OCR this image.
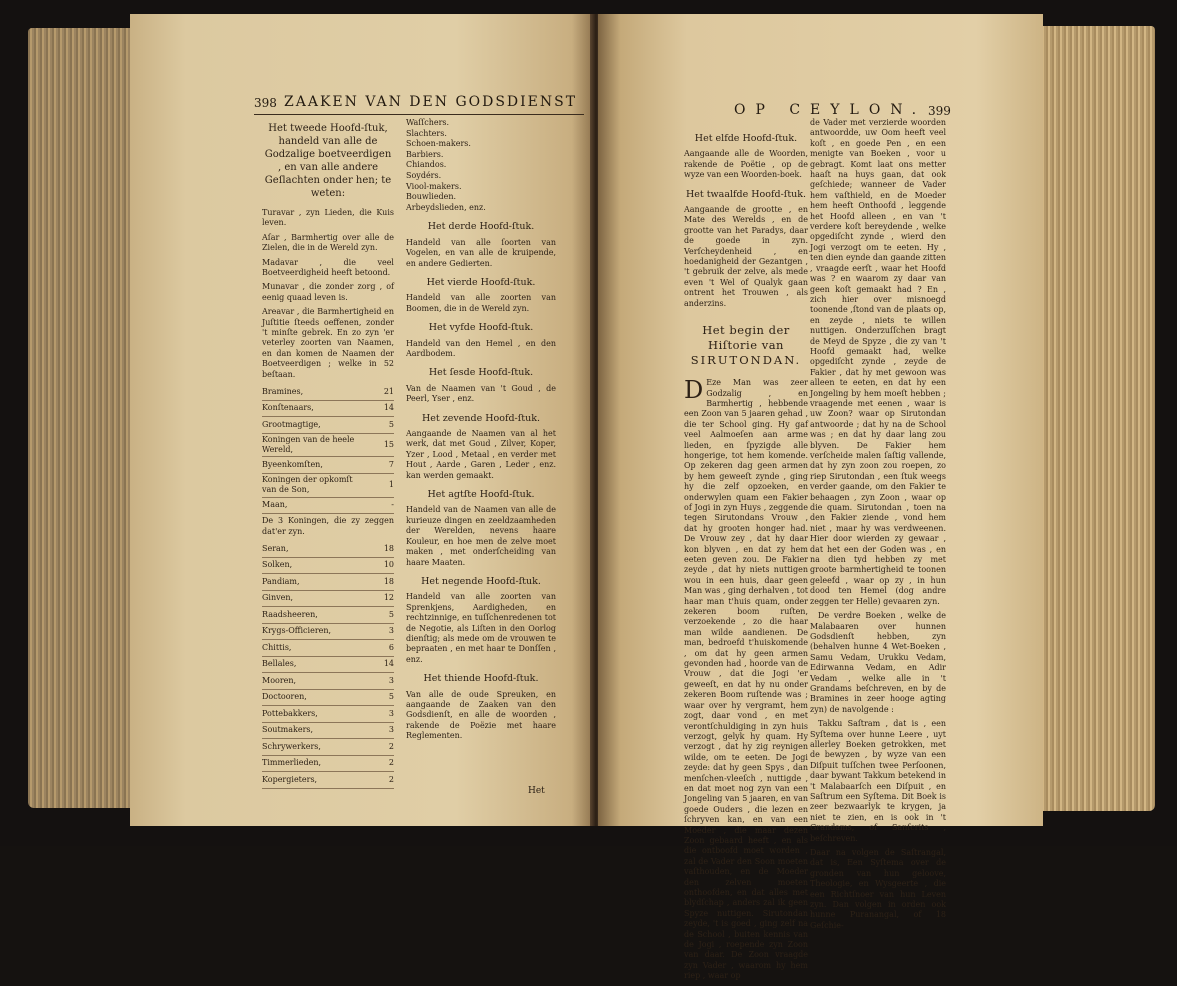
398 ZAAKEN VAN DEN GODSDIENST
Het tweede Hoofd-ſtuk, handeld van alle de Godzalige boetveerdigen , en van alle andere Geſlachten onder hen; te weten:
Turavar , zyn Lieden, die Kuis leven.
Aſar , Barmhertig over alle de Zielen, die in de Wereld zyn.
Madavar , die veel Boetveerdigheid heeft betoond.
Munavar , die zonder zorg , of eenig quaad leven is.
Areavar , die Barmhertigheid en Juſtitie ſteeds oeffenen, zonder 't minſte gebrek. En zo zyn 'er veterley zoorten van Naamen, en dan komen de Naamen der Boetveerdigen ; welke in 52 beſtaan.
Bramines,	21
Konſtenaars,	14
Grootmagtige,	5
Koningen van de heele Wereld,	15
Byeenkomſten,	7
Koningen der opkomſt van de Son,	1
Maan,	-
De 3 Koningen, die zy zeggen dat'er zyn.
Seran,	18
Solken,	10
Pandiam,	18
Ginven,	12
Raadsheeren,	5
Krygs-Officieren,	3
Chittis,	6
Bellales,	14
Mooren,	3
Doctooren,	5
Pottebakkers,	3
Soutmakers,	3
Schrywerkers,	2
Timmerlieden,	2
Kopergieters,	2
Waſſchers.
Slachters.
Schoen-makers.
Barbiers.
Chiandos.
Soydérs.
Viool-makers.
Bouwlieden.
Arbeydslieden, enz.
Het derde Hoofd-ſtuk.
Handeld van alle ſoorten van Vogelen, en van alle de kruipende, en andere Gedierten.
Het vierde Hoofd-ſtuk.
Handeld van alle zoorten van Boomen, die in de Wereld zyn.
Het vyfde Hoofd-ſtuk.
Handeld van den Hemel , en den Aardbodem.
Het ſesde Hoofd-ſtuk.
Van de Naamen van 't Goud , de Peerl, Yser , enz.
Het zevende Hoofd-ſtuk.
Aangaande de Naamen van al het werk, dat met Goud , Zilver, Koper, Yzer , Lood , Metaal , en verder met Hout , Aarde , Garen , Leder , enz. kan werden gemaakt.
Het agtſte Hoofd-ſtuk.
Handeld van de Naamen van alle de kurieuze dingen en zeeldzaamheden der Werelden, nevens haare Kouleur, en hoe men de zelve moet maken , met onderſcheiding van haare Maaten.
Het negende Hoofd-ſtuk.
Handeld van alle zoorten van Sprenkjens, Aardigheden, en rechtzinnige, en tuſſchenredenen tot de Negotie, als Liſten in den Oorlog dienſtig; als mede om de vrouwen te bepraaten , en met haar te Donſſen , enz.
Het thiende Hoofd-ſtuk.
Van alle de oude Spreuken, en aangaande de Zaaken van den Godsdienſt, en alle de woorden , rakende de Poëzie met haare Reglementen.
Het
OP CEYLON. 399
Het elfde Hoofd-ſtuk.
Aangaande alle de Woorden, rakende de Poëtie , op de wyze van een Woorden-boek.
Het twaalfde Hoofd-ſtuk.
Aangaande de grootte , en Mate des Werelds , en de grootte van het Paradys, daar de goede in zyn. Verſcheydenheid , en hoedanigheid der Gezantgen , 't gebruik der zelve, als mede even 't Wel of Qualyk gaan ontrent het Trouwen , als anderzins.
Het begin der Hiſtorie van
SIRUTONDAN.
D Eze Man was zeer Godzalig , en Barmhertig , hebbende een Zoon van 5 jaaren gehad , die ter School ging. Hy gaf veel Aalmoeſen aan arme lieden, en ſpyzigde alle hongerige, tot hem komende. Op zekeren dag geen armen by hem geweeſt zynde , ging hy die zelf opzoeken, en onderwylen quam een Fakier of Jogi in zyn Huys , zeggende tegen Sirutondans Vrouw , dat hy grooten honger had. De Vrouw zey , dat hy daar kon blyven , en dat zy hem eeten geven zou. De Fakier zeyde , dat hy niets nuttigen wou in een huis, daar geen Man was , ging derhalven , tot haar man t'huis quam, onder zekeren boom ruſten, verzoekende , zo die haar man wilde aandienen. De man, bedroefd t'huiskomende , om dat hy geen armen gevonden had , hoorde van de Vrouw , dat die Jogi 'er geweeſt, en dat hy nu onder zekeren Boom ruſtende was ; waar over hy vergramt, hem zogt, daar vond , en met verontſchuldiging in zyn huis verzogt, gelyk hy quam. Hy verzogt , dat hy zig reynigen wilde, om te eeten. De Jogi zeyde: dat hy geen Spys , dan menſchen-vleeſch , nuttigde , en dat moet nog zyn van een Jongeling van 5 jaaren, en van goede Ouders , die lezen en ſchryven kan, en van een Moeder , die maar dezen Zoon gebaard heeft , en als die ontboofd moet worden , zal de Vader den Soon moeten vaſthouden, en de Moeder den zelven moeten onthoofden, en dat alles met blydſchap , anders zal ik geen Spyze nuttigen. Sirutondan zeyde, 't is goed , ging zelf na de School , buiten kennis van de Jogi , roepende zyn Zoon van daar. De Zoon vraagde zyn Vader , waarom hy hem riep , waar op
de Vader met verzierde woorden antwoordde, uw Oom heeft veel koſt , en goede Pen , en een menigte van Boeken , voor u gebragt. Komt laat ons metter haaſt na huys gaan, dat ook geſchiede; wanneer de Vader hem vaſthield, en de Moeder hem heeft Onthoofd , leggende het Hoofd alleen , en van 't verdere koſt bereydende , welke opgediſcht zynde , wierd den Jogi verzogt om te eeten. Hy , ten dien eynde dan gaande zitten , vraagde eerſt , waar het Hoofd was ? en waarom zy daar van geen koſt gemaakt had ? En , zich hier over misnoegd toonende ,ſtond van de plaats op, en zeyde , niets te willen nuttigen. Onderzuſſchen bragt de Meyd de Spyze , die zy van 't Hoofd gemaakt had, welke opgediſcht zynde , zeyde de Fakier , dat hy met gewoon was alleen te eeten, en dat hy een Jongeling by hem moeſt hebben ; vraagende met eenen , waar is uw Zoon? waar op Sirutondan antwoorde ; dat hy na de School was ; en dat hy daar lang zou blyven. De Fakier hem verſcheide malen ſaſtig vallende, dat hy zyn zoon zou roepen, zo riep Sirutondan , een ſtuk weegs verder gaande, om den Fakier te behaagen , zyn Zoon , waar op die quam. Sirutondan , toen na den Fakier ziende , vond hem niet , maar hy was verdweenen. Hier door wierden zy gewaar , dat het een der Goden was , en na dien tyd hebben zy met groote barmhertigheid te toonen geleefd , waar op zy , in hun dood ten Hemel (dog andre zeggen ter Helle) gevaaren zyn.
De verdre Boeken , welke de Malabaaren over hunnen Godsdienſt hebben, zyn (behalven hunne 4 Wet-Boeken , Samu Vedam, Urukku Vedam, Edirwanna Vedam, en Adir Vedam , welke alle in 't Grandams beſchreven, en by de Bramines in zeer hooge agting zyn) de navolgende :
Takku Saſtram , dat is , een Syſtema over hunne Leere , uyt allerley Boeken getrokken, met de bewyzen , by wyze van een Diſpuit tuſſchen twee Perſoonen, daar bywant Takkum betekend in 't Malabaarſch een Diſpuit , en Saſtrum een Syſtema. Dit Boek is zeer bezwaarlyk te krygen, ja niet te zien, en is ook in 't Grandams, of Sanſcrits , beſchreven.
Daar na volgen de Saſtrangal, dat is, Een Syſtema over de gronden van hun geloove, Theologie, en Wysgeerte , die een Richtſnoer van hun Leven zyn. Dan volgen in orden ook hunne Puranangal, of 18 Geſchie-
